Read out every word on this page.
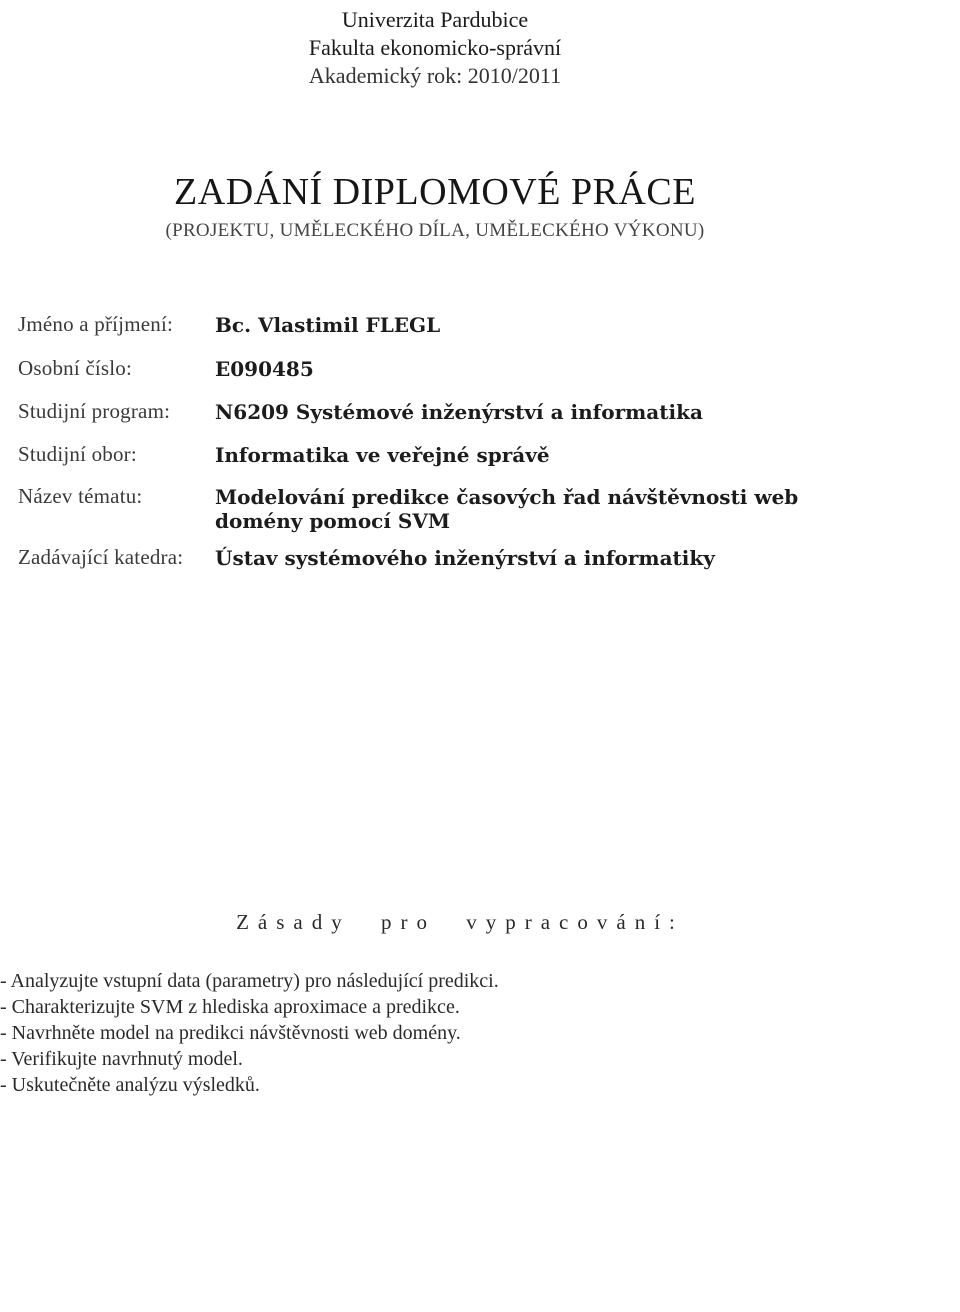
Univerzita Pardubice
Fakulta ekonomicko-správní
Akademický rok: 2010/2011
ZADÁNÍ DIPLOMOVÉ PRÁCE
(PROJEKTU, UMĚLECKÉHO DÍLA, UMĚLECKÉHO VÝKONU)
Jméno a příjmení: Bc. Vlastimil FLEGL
Osobní číslo:	E090485
Studijní program: N6209 Systémové inženýrství a informatika
Studijní obor:	Informatika ve veřejné správě
Název tématu:	Modelování predikce časových řad návštěvnosti web
domény pomocí SVM
Zadávající katedra: Ústav systémového inženýrství a informatiky
Zásady pro vypracování:
- Analyzujte vstupní data (parametry) pro následující predikci.
- Charakterizujte SVM z hlediska aproximace a predikce.
- Navrhněte model na predikci návštěvnosti web domény.
- Verifikujte navrhnutý model.
- Uskutečněte analýzu výsledků.
